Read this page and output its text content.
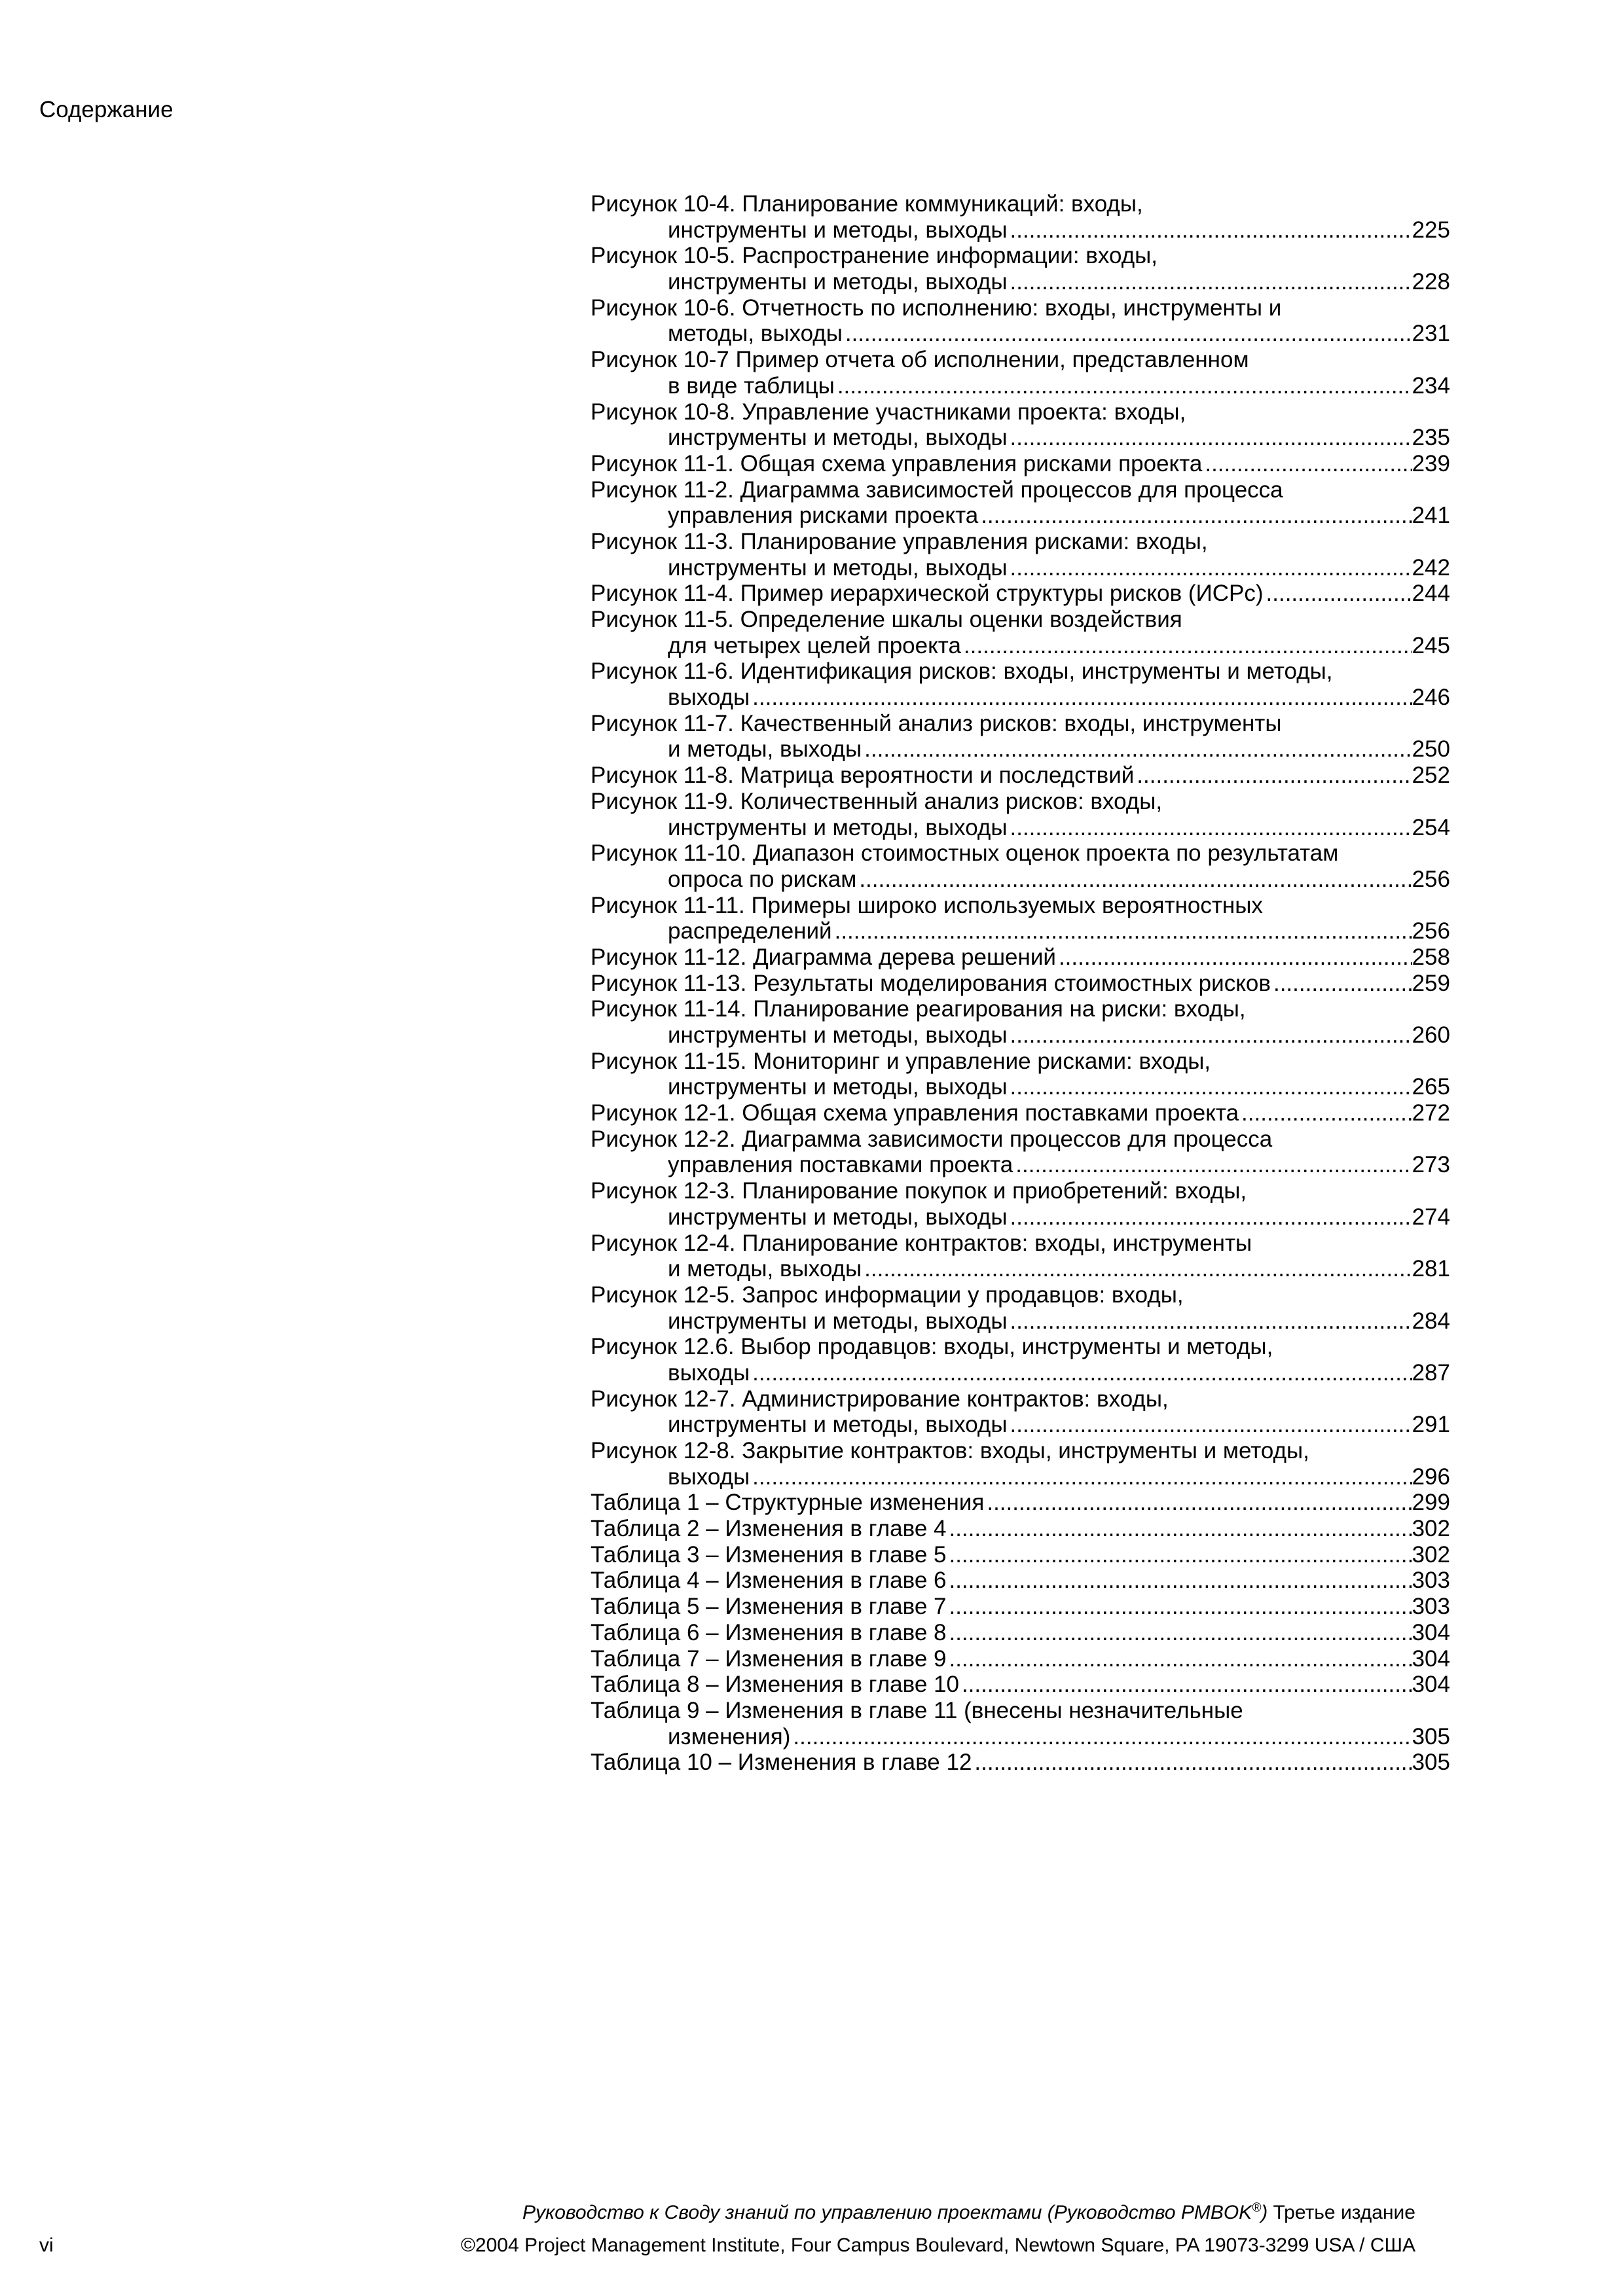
Содержание
Рисунок 10-4. Планирование коммуникаций: входы,
инструменты и методы, выходы .....	225
Рисунок 10-5. Распространение информации: входы,
инструменты и методы, выходы .....	228
Рисунок 10-6. Отчетность по исполнению: входы, инструменты и
методы, выходы .....	231
Рисунок 10-7 Пример отчета об исполнении, представленном
в виде таблицы .....	234
Рисунок 10-8. Управление участниками проекта: входы,
инструменты и методы, выходы .....	235
Рисунок 11-1. Общая схема управления рисками проекта .....	239
Рисунок 11-2. Диаграмма зависимостей процессов для процесса
управления рисками проекта .....	241
Рисунок 11-3. Планирование управления рисками: входы,
инструменты и методы, выходы .....	242
Рисунок 11-4. Пример иерархической структуры рисков (ИСРс) .....	244
Рисунок 11-5. Определение шкалы оценки воздействия
для четырех целей проекта .....	245
Рисунок 11-6. Идентификация рисков: входы, инструменты и методы,
выходы .....	246
Рисунок 11-7. Качественный анализ рисков: входы, инструменты
и методы, выходы .....	250
Рисунок 11-8. Матрица вероятности и последствий .....	252
Рисунок 11-9. Количественный анализ рисков: входы,
инструменты и методы, выходы .....	254
Рисунок 11-10. Диапазон стоимостных оценок проекта по результатам
опроса по рискам .....	256
Рисунок 11-11. Примеры широко используемых вероятностных
распределений .....	256
Рисунок 11-12. Диаграмма дерева решений .....	258
Рисунок 11-13. Результаты моделирования стоимостных рисков .....	259
Рисунок 11-14. Планирование реагирования на риски: входы,
инструменты и методы, выходы .....	260
Рисунок 11-15. Мониторинг и управление рисками: входы,
инструменты и методы, выходы .....	265
Рисунок 12-1. Общая схема управления поставками проекта .....	272
Рисунок 12-2. Диаграмма зависимости процессов для процесса
управления поставками проекта .....	273
Рисунок 12-3. Планирование покупок и приобретений: входы,
инструменты и методы, выходы .....	274
Рисунок 12-4. Планирование контрактов: входы, инструменты
и методы, выходы .....	281
Рисунок 12-5. Запрос информации у продавцов: входы,
инструменты и методы, выходы .....	284
Рисунок 12.6. Выбор продавцов: входы, инструменты и методы,
выходы .....	287
Рисунок 12-7. Администрирование контрактов: входы,
инструменты и методы, выходы .....	291
Рисунок 12-8. Закрытие контрактов: входы, инструменты и методы,
выходы .....	296
Таблица 1 – Структурные изменения .....	299
Таблица 2 – Изменения в главе 4 .....	302
Таблица 3 – Изменения в главе 5 .....	302
Таблица 4 – Изменения в главе 6 .....	303
Таблица 5 – Изменения в главе 7 .....	303
Таблица 6 – Изменения в главе 8 .....	304
Таблица 7 – Изменения в главе 9 .....	304
Таблица 8 – Изменения в главе 10 .....	304
Таблица 9 – Изменения в главе 11 (внесены незначительные
изменения) .....	305
Таблица 10 – Изменения в главе 12 .....	305
Руководство к Своду знаний по управлению проектами (Руководство PMBOK®) Третье издание
vi	©2004 Project Management Institute, Four Campus Boulevard, Newtown Square, PA 19073-3299 USA / США
